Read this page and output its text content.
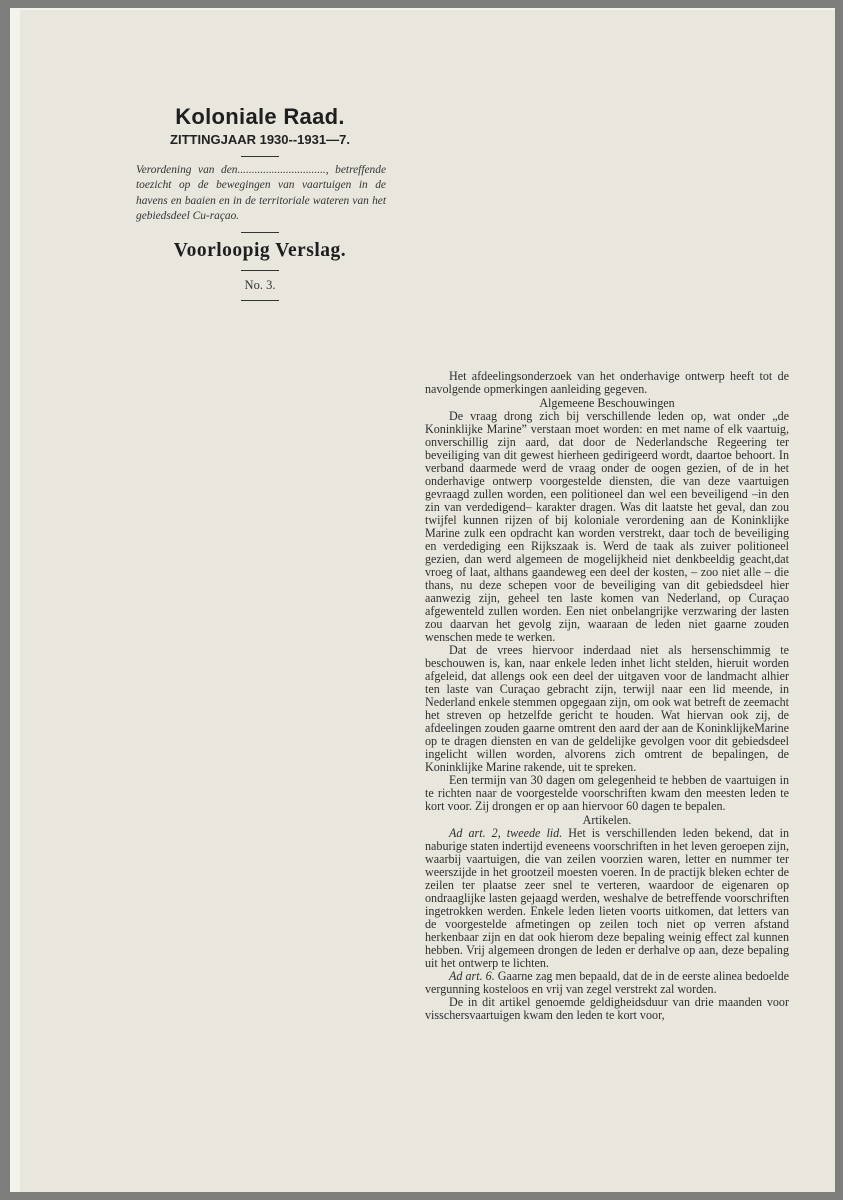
Koloniale Raad.

ZITTINGJAAR 1930--1931—7.

Verordening van den..............................., betreffende toezicht op de bewegingen van vaartuigen in de havens en baaien en in de territoriale wateren van het gebiedsdeel Cu-raçao.

Voorloopig Verslag.

No. 3.

Het afdeelingsonderzoek van het onderhavige ontwerp heeft tot de navolgende opmerkingen aanleiding gegeven.

Algemeene Beschouwingen

De vraag drong zich bij verschillende leden op, wat onder „de Koninklijke Marine” verstaan moet worden: en met name of elk vaartuig, onverschillig zijn aard, dat door de Nederlandsche Regeering ter beveiliging van dit gewest hierheen gedirigeerd wordt, daartoe behoort. In verband daarmede werd de vraag onder de oogen gezien, of de in het onderhavige ontwerp voorgestelde diensten, die van deze vaartuigen gevraagd zullen worden, een politioneel dan wel een beveiligend –in den zin van verdedigend– karakter dragen. Was dit laatste het geval, dan zou twijfel kunnen rijzen of bij koloniale verordening aan de Koninklijke Marine zulk een opdracht kan worden verstrekt, daar toch de beveiliging en verdediging een Rijkszaak is. Werd de taak als zuiver politioneel gezien, dan werd algemeen de mogelijkheid niet denkbeeldig geacht,dat vroeg of laat, althans gaandeweg een deel der kosten, – zoo niet alle – die thans, nu deze schepen voor de beveiliging van dit gebiedsdeel hier aanwezig zijn, geheel ten laste komen van Nederland, op Curaçao afgewenteld zullen worden. Een niet onbelangrijke verzwaring der lasten zou daarvan het gevolg zijn, waaraan de leden niet gaarne zouden wenschen mede te werken.

Dat de vrees hiervoor inderdaad niet als hersenschimmig te beschouwen is, kan, naar enkele leden inhet licht stelden, hieruit worden afgeleid, dat allengs ook een deel der uitgaven voor de landmacht alhier ten laste van Curaçao gebracht zijn, terwijl naar een lid meende, in Nederland enkele stemmen opgegaan zijn, om ook wat betreft de zeemacht het streven op hetzelfde gericht te houden. Wat hiervan ook zij, de afdeelingen zouden gaarne omtrent den aard der aan de KoninklijkeMarine op te dragen diensten en van de geldelijke gevolgen voor dit gebiedsdeel ingelicht willen worden, alvorens zich omtrent de bepalingen, de Koninklijke Marine rakende, uit te spreken.

Een termijn van 30 dagen om gelegenheid te hebben de vaartuigen in te richten naar de voorgestelde voorschriften kwam den meesten leden te kort voor. Zij drongen er op aan hiervoor 60 dagen te bepalen.

Artikelen.

Ad art. 2, tweede lid. Het is verschillenden leden bekend, dat in naburige staten indertijd eveneens voorschriften in het leven geroepen zijn, waarbij vaartuigen, die van zeilen voorzien waren, letter en nummer ter weerszijde in het grootzeil moesten voeren. In de practijk bleken echter de zeilen ter plaatse zeer snel te verteren, waardoor de eigenaren op ondraaglijke lasten gejaagd werden, weshalve de betreffende voorschriften ingetrokken werden. Enkele leden lieten voorts uitkomen, dat letters van de voorgestelde afmetingen op zeilen toch niet op verren afstand herkenbaar zijn en dat ook hierom deze bepaling weinig effect zal kunnen hebben. Vrij algemeen drongen de leden er derhalve op aan, deze bepaling uit het ontwerp te lichten.

Ad art. 6. Gaarne zag men bepaald, dat de in de eerste alinea bedoelde vergunning kosteloos en vrij van zegel verstrekt zal worden.

De in dit artikel genoemde geldigheidsduur van drie maanden voor visschersvaartuigen kwam den leden te kort voor,
